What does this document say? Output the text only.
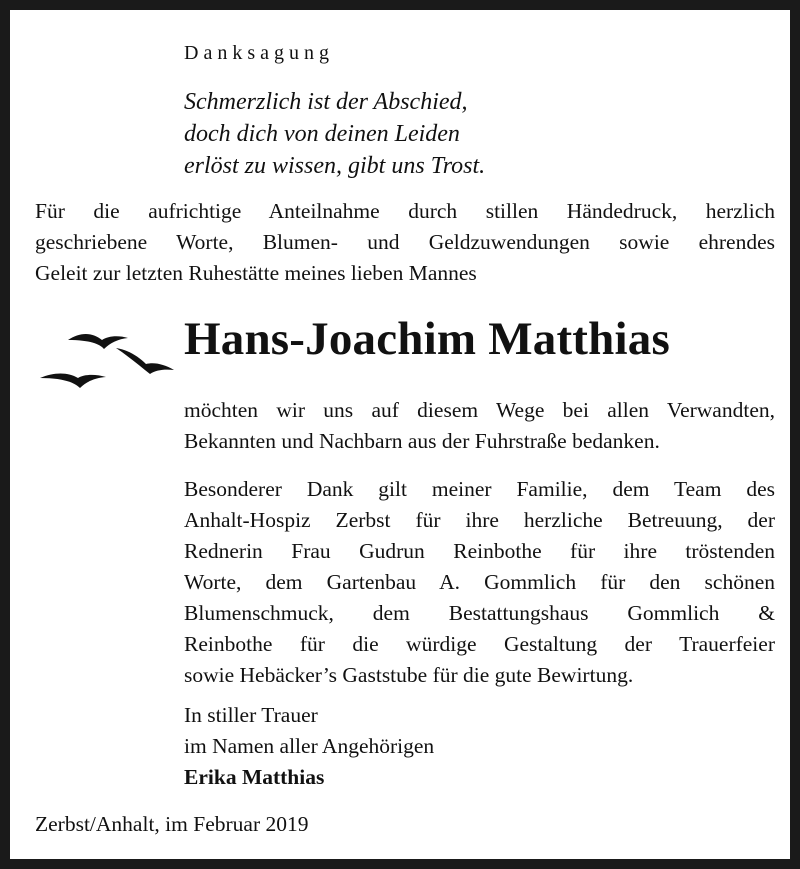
Danksagung
Schmerzlich ist der Abschied,
doch dich von deinen Leiden
erlöst zu wissen, gibt uns Trost.
Für die aufrichtige Anteilnahme durch stillen Händedruck, herzlich
geschriebene Worte, Blumen- und Geldzuwendungen sowie ehrendes
Geleit zur letzten Ruhestätte meines lieben Mannes
Hans-Joachim Matthias
möchten wir uns auf diesem Wege bei allen Verwandten,
Bekannten und Nachbarn aus der Fuhrstraße bedanken.
Besonderer Dank gilt meiner Familie, dem Team des
Anhalt-Hospiz Zerbst für ihre herzliche Betreuung, der
Rednerin Frau Gudrun Reinbothe für ihre tröstenden
Worte, dem Gartenbau A. Gommlich für den schönen
Blumenschmuck, dem Bestattungshaus Gommlich &
Reinbothe für die würdige Gestaltung der Trauerfeier
sowie Hebäcker’s Gaststube für die gute Bewirtung.
In stiller Trauer
im Namen aller Angehörigen
Erika Matthias
Zerbst/Anhalt, im Februar 2019
